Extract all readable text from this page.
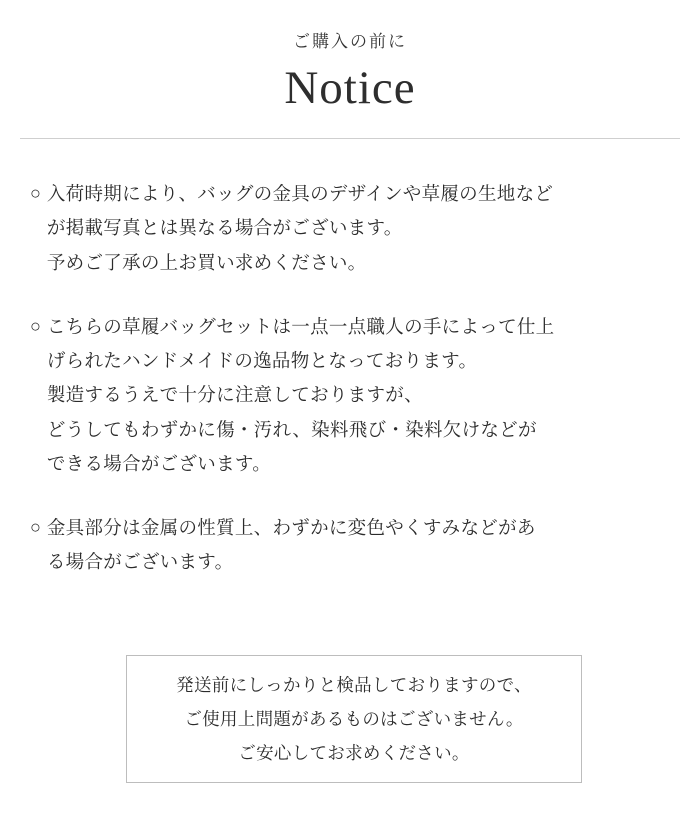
ご購入の前に
Notice
○ 入荷時期により、バッグの金具のデザインや草履の生地など
が掲載写真とは異なる場合がございます。
予めご了承の上お買い求めください。
○ こちらの草履バッグセットは一点一点職人の手によって仕上
げられたハンドメイドの逸品物となっております。
製造するうえで十分に注意しておりますが、
どうしてもわずかに傷・汚れ、染料飛び・染料欠けなどが
できる場合がございます。
○ 金具部分は金属の性質上、わずかに変色やくすみなどがあ
る場合がございます。
発送前にしっかりと検品しておりますので、
ご使用上問題があるものはございません。
ご安心してお求めください。
